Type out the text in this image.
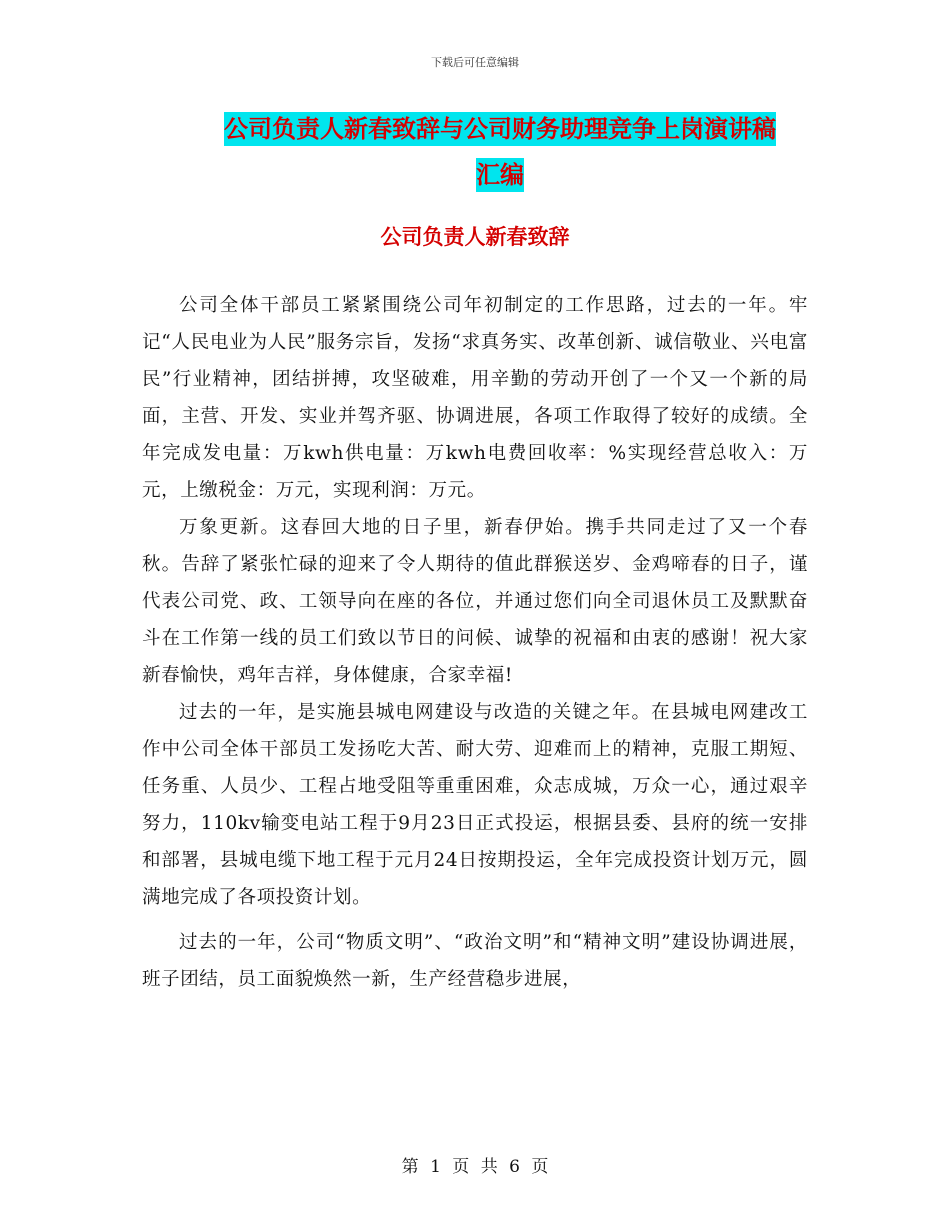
下载后可任意编辑
公司负责人新春致辞与公司财务助理竞争上岗演讲稿
汇编
公司负责人新春致辞

公司全体干部员工紧紧围绕公司年初制定的工作思路，过去的一年。牢记“人民电业为人民”服务宗旨，发扬“求真务实、改革创新、诚信敬业、兴电富民”行业精神，团结拼搏，攻坚破难，用辛勤的劳动开创了一个又一个新的局面，主营、开发、实业并驾齐驱、协调进展，各项工作取得了较好的成绩。全年完成发电量：万kwh供电量：万kwh电费回收率：%实现经营总收入：万元，上缴税金：万元，实现利润：万元。

万象更新。这春回大地的日子里，新春伊始。携手共同走过了又一个春秋。告辞了紧张忙碌的迎来了令人期待的值此群猴送岁、金鸡啼春的日子，谨代表公司党、政、工领导向在座的各位，并通过您们向全司退休员工及默默奋斗在工作第一线的员工们致以节日的问候、诚挚的祝福和由衷的感谢！祝大家新春愉快，鸡年吉祥，身体健康，合家幸福!

过去的一年，是实施县城电网建设与改造的关键之年。在县城电网建改工作中公司全体干部员工发扬吃大苦、耐大劳、迎难而上的精神，克服工期短、任务重、人员少、工程占地受阻等重重困难，众志成城，万众一心，通过艰辛努力，110kv输变电站工程于9月23日正式投运，根据县委、县府的统一安排和部署，县城电缆下地工程于元月24日按期投运，全年完成投资计划万元，圆满地完成了各项投资计划。

过去的一年，公司“物质文明”、“政治文明”和“精神文明”建设协调进展，班子团结，员工面貌焕然一新，生产经营稳步进展，

第 1 页 共 6 页
